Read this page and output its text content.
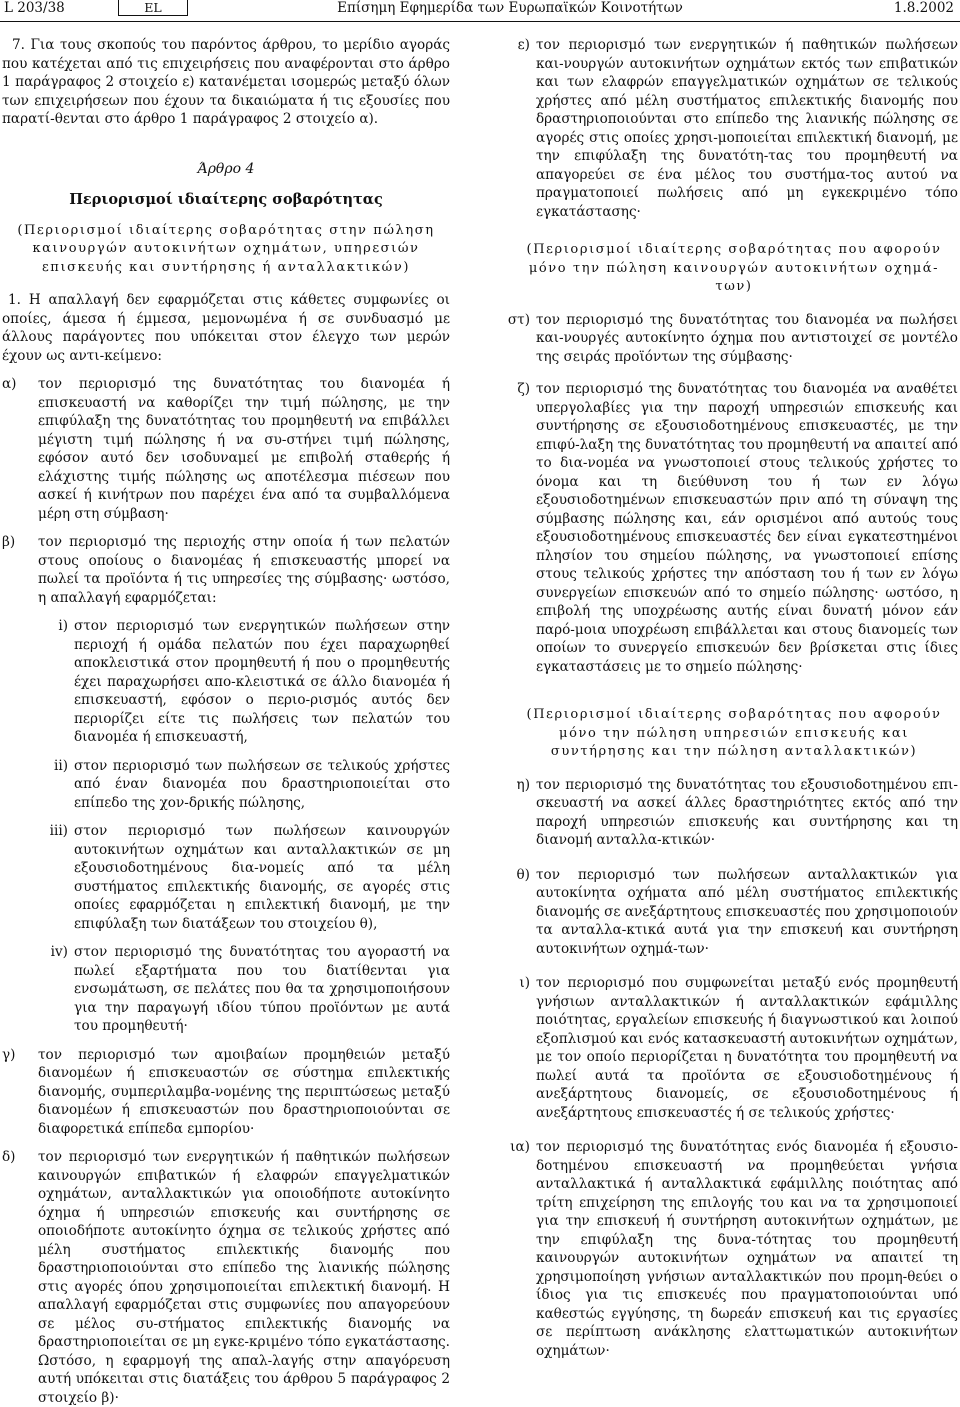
L 203/38	EL	Επίσημη Εφημερίδα των Ευρωπαϊκών Κοινοτήτων	1.8.2002

7. Για τους σκοπούς του παρόντος άρθρου, το μερίδιο αγοράς που κατέχεται από τις επιχειρήσεις που αναφέρονται στο άρθρο 1 παράγραφος 2 στοιχείο ε) κατανέμεται ισομερώς μεταξύ όλων των επιχειρήσεων που έχουν τα δικαιώματα ή τις εξουσίες που παρατί-θενται στο άρθρο 1 παράγραφος 2 στοιχείο α).

Άρθρο 4

Περιορισμοί ιδιαίτερης σοβαρότητας

(Περιορισμοί ιδιαίτερης σοβαρότητας στην πώληση καινουργών αυτοκινήτων οχημάτων, υπηρεσιών επισκευής και συντήρησης ή ανταλλακτικών)

1. Η απαλλαγή δεν εφαρμόζεται στις κάθετες συμφωνίες οι οποίες, άμεσα ή έμμεσα, μεμονωμένα ή σε συνδυασμό με άλλους παράγοντες που υπόκειται στον έλεγχο των μερών έχουν ως αντι-κείμενο:

α) τον περιορισμό της δυνατότητας του διανομέα ή επισκευαστή να καθορίζει την τιμή πώλησης, με την επιφύλαξη της δυνατότητας του προμηθευτή να επιβάλλει μέγιστη τιμή πώλησης ή να συ-στήνει τιμή πώλησης, εφόσον αυτό δεν ισοδυναμεί με επιβολή σταθερής ή ελάχιστης τιμής πώλησης ως αποτέλεσμα πιέσεων που ασκεί ή κινήτρων που παρέχει ένα από τα συμβαλλόμενα μέρη στη σύμβαση·

β) τον περιορισμό της περιοχής στην οποία ή των πελατών στους οποίους ο διανομέας ή επισκευαστής μπορεί να πωλεί τα προϊόντα ή τις υπηρεσίες της σύμβασης· ωστόσο, η απαλλαγή εφαρμόζεται:

i) στον περιορισμό των ενεργητικών πωλήσεων στην περιοχή ή ομάδα πελατών που έχει παραχωρηθεί αποκλειστικά στον προμηθευτή ή που ο προμηθευτής έχει παραχωρήσει απο-κλειστικά σε άλλο διανομέα ή επισκευαστή, εφόσον ο περιο-ρισμός αυτός δεν περιορίζει είτε τις πωλήσεις των πελατών του διανομέα ή επισκευαστή,

ii) στον περιορισμό των πωλήσεων σε τελικούς χρήστες από έναν διανομέα που δραστηριοποιείται στο επίπεδο της χον-δρικής πώλησης,

iii) στον περιορισμό των πωλήσεων καινουργών αυτοκινήτων οχημάτων και ανταλλακτικών σε μη εξουσιοδοτημένους δια-νομείς από τα μέλη συστήματος επιλεκτικής διανομής, σε αγορές στις οποίες εφαρμόζεται η επιλεκτική διανομή, με την επιφύλαξη των διατάξεων του στοιχείου θ),

iv) στον περιορισμό της δυνατότητας του αγοραστή να πωλεί εξαρτήματα που του διατίθενται για ενσωμάτωση, σε πελάτες που θα τα χρησιμοποιήσουν για την παραγωγή ιδίου τύπου προϊόντων με αυτά του προμηθευτή·

γ) τον περιορισμό των αμοιβαίων προμηθειών μεταξύ διανομέων ή επισκευαστών σε σύστημα επιλεκτικής διανομής, συμπεριλαμβα-νομένης της περιπτώσεως μεταξύ διανομέων ή επισκευαστών που δραστηριοποιούνται σε διαφορετικά επίπεδα εμπορίου·

δ) τον περιορισμό των ενεργητικών ή παθητικών πωλήσεων καινουργών επιβατικών ή ελαφρών επαγγελματικών οχημάτων, ανταλλακτικών για οποιοδήποτε αυτοκίνητο όχημα ή υπηρεσιών επισκευής και συντήρησης σε οποιοδήποτε αυτοκίνητο όχημα σε τελικούς χρήστες από μέλη συστήματος επιλεκτικής διανομής που δραστηριοποιούνται στο επίπεδο της λιανικής πώλησης στις αγορές όπου χρησιμοποιείται επιλεκτική διανομή. Η απαλλαγή εφαρμόζεται στις συμφωνίες που απαγορεύουν σε μέλος συ-στήματος επιλεκτικής διανομής να δραστηριοποιείται σε μη εγκε-κριμένο τόπο εγκατάστασης. Ωστόσο, η εφαρμογή της απαλ-λαγής στην απαγόρευση αυτή υπόκειται στις διατάξεις του άρθρου 5 παράγραφος 2 στοιχείο β)·

ε) τον περιορισμό των ενεργητικών ή παθητικών πωλήσεων και-νουργών αυτοκινήτων οχημάτων εκτός των επιβατικών και των ελαφρών επαγγελματικών οχημάτων σε τελικούς χρήστες από μέλη συστήματος επιλεκτικής διανομής που δραστηριοποιούνται στο επίπεδο της λιανικής πώλησης σε αγορές στις οποίες χρησι-μοποιείται επιλεκτική διανομή, με την επιφύλαξη της δυνατότη-τας του προμηθευτή να απαγορεύει σε ένα μέλος του συστήμα-τος αυτού να πραγματοποιεί πωλήσεις από μη εγκεκριμένο τόπο εγκατάστασης·

(Περιορισμοί ιδιαίτερης σοβαρότητας που αφορούν μόνο την πώληση καινουργών αυτοκινήτων οχημά-των)

στ) τον περιορισμό της δυνατότητας του διανομέα να πωλήσει και-νουργές αυτοκίνητο όχημα που αντιστοιχεί σε μοντέλο της σειράς προϊόντων της σύμβασης·

ζ) τον περιορισμό της δυνατότητας του διανομέα να αναθέτει υπεργολαβίες για την παροχή υπηρεσιών επισκευής και συντήρησης σε εξουσιοδοτημένους επισκευαστές, με την επιφύ-λαξη της δυνατότητας του προμηθευτή να απαιτεί από το δια-νομέα να γνωστοποιεί στους τελικούς χρήστες το όνομα και τη διεύθυνση του ή των εν λόγω εξουσιοδοτημένων επισκευαστών πριν από τη σύναψη της σύμβασης πώλησης και, εάν ορισμένοι από αυτούς τους εξουσιοδοτημένους επισκευαστές δεν είναι εγκατεστημένοι πλησίον του σημείου πώλησης, να γνωστοποιεί επίσης στους τελικούς χρήστες την απόσταση του ή των εν λόγω συνεργείων επισκευών από το σημείο πώλησης· ωστόσο, η επιβολή της υποχρέωσης αυτής είναι δυνατή μόνον εάν παρό-μοια υποχρέωση επιβάλλεται και στους διανομείς των οποίων το συνεργείο επισκευών δεν βρίσκεται στις ίδιες εγκαταστάσεις με το σημείο πώλησης·

(Περιορισμοί ιδιαίτερης σοβαρότητας που αφορούν μόνο την πώληση υπηρεσιών επισκευής και συντήρησης και την πώληση ανταλλακτικών)

η) τον περιορισμό της δυνατότητας του εξουσιοδοτημένου επι-σκευαστή να ασκεί άλλες δραστηριότητες εκτός από την παροχή υπηρεσιών επισκευής και συντήρησης και τη διανομή ανταλλα-κτικών·

θ) τον περιορισμό των πωλήσεων ανταλλακτικών για αυτοκίνητα οχήματα από μέλη συστήματος επιλεκτικής διανομής σε ανεξάρτητους επισκευαστές που χρησιμοποιούν τα ανταλλα-κτικά αυτά για την επισκευή και συντήρηση αυτοκινήτων οχημά-των·

ι) τον περιορισμό που συμφωνείται μεταξύ ενός προμηθευτή γνήσιων ανταλλακτικών ή ανταλλακτικών εφάμιλλης ποιότητας, εργαλείων επισκευής ή διαγνωστικού και λοιπού εξοπλισμού και ενός κατασκευαστή αυτοκινήτων οχημάτων, με τον οποίο περιορίζεται η δυνατότητα του προμηθευτή να πωλεί αυτά τα προϊόντα σε εξουσιοδοτημένους ή ανεξάρτητους διανομείς, σε εξουσιοδοτημένους ή ανεξάρτητους επισκευαστές ή σε τελικούς χρήστες·

ια) τον περιορισμό της δυνατότητας ενός διανομέα ή εξουσιο-δοτημένου επισκευαστή να προμηθεύεται γνήσια ανταλλακτικά ή ανταλλακτικά εφάμιλλης ποιότητας από τρίτη επιχείρηση της επιλογής του και να τα χρησιμοποιεί για την επισκευή ή συντήρηση αυτοκινήτων οχημάτων, με την επιφύλαξη της δυνα-τότητας του προμηθευτή καινουργών αυτοκινήτων οχημάτων να απαιτεί τη χρησιμοποίηση γνήσιων ανταλλακτικών που προμη-θεύει ο ίδιος για τις επισκευές που πραγματοποιούνται υπό καθεστώς εγγύησης, τη δωρεάν επισκευή και τις εργασίες σε περίπτωση ανάκλησης ελαττωματικών αυτοκινήτων οχημάτων·
